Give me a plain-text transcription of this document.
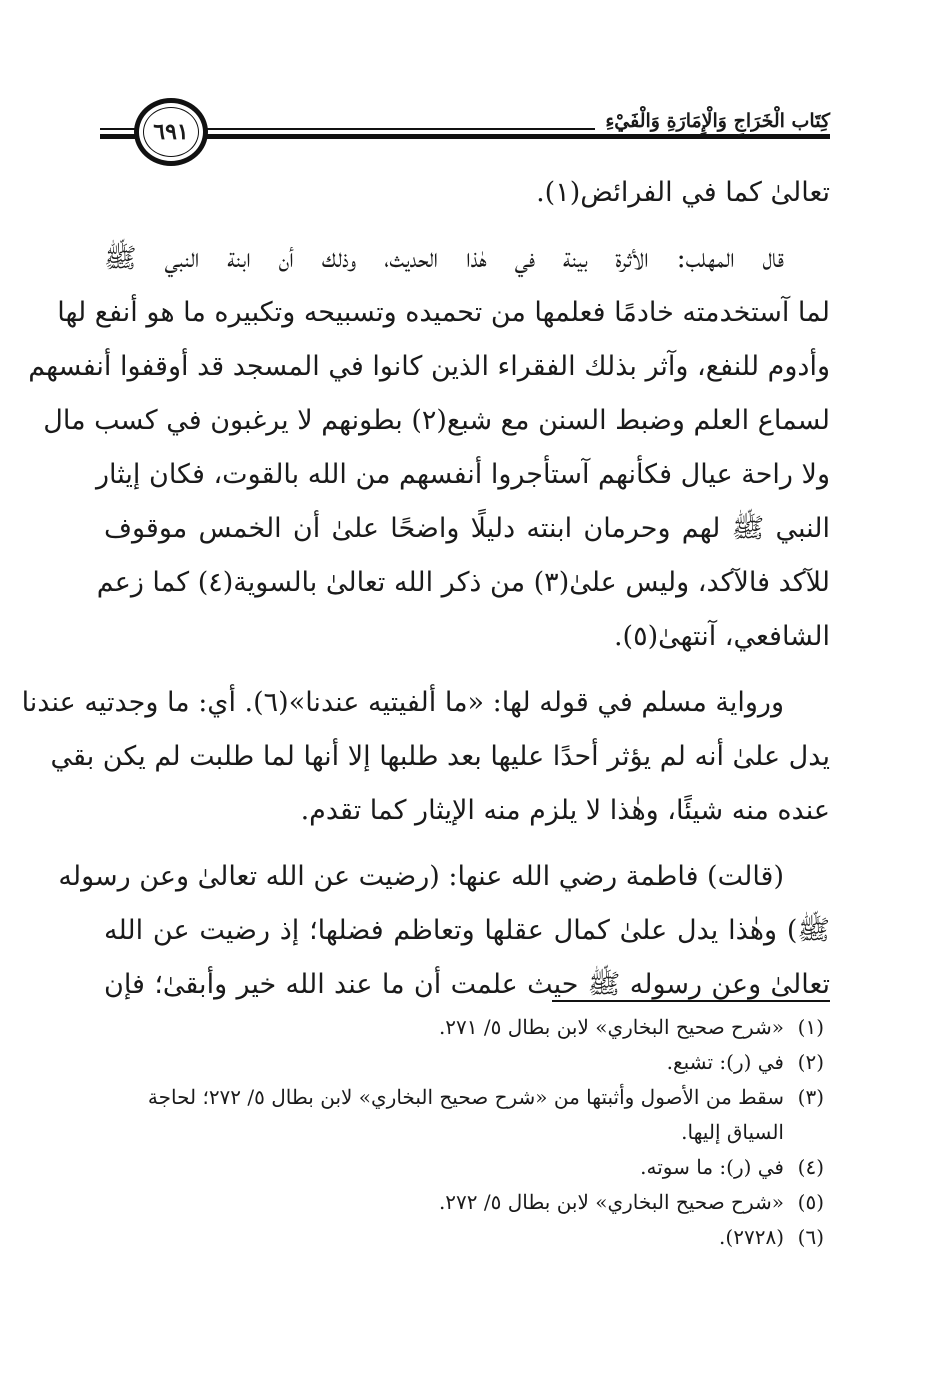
كِتَاب الْخَرَاجِ وَالْإِمَارَةِ وَالْفَيْءِ
٦٩١

تعالىٰ كما في الفرائض(١).

قال المهلب: الأثرة بينة في هٰذا الحديث، وذلك أن ابنة النبي ﷺ
لما آستخدمته خادمًا فعلمها من تحميده وتسبيحه وتكبيره ما هو أنفع لها
وأدوم للنفع، وآثر بذلك الفقراء الذين كانوا في المسجد قد أوقفوا أنفسهم
لسماع العلم وضبط السنن مع شبع(٢) بطونهم لا يرغبون في كسب مال
ولا راحة عيال فكأنهم آستأجروا أنفسهم من الله بالقوت، فكان إيثار
النبي ﷺ لهم وحرمان ابنته دليلًا واضحًا علىٰ أن الخمس موقوف
للآكد فالآكد، وليس علىٰ(٣) من ذكر الله تعالىٰ بالسوية(٤) كما زعم
الشافعي، آنتهىٰ(٥).

ورواية مسلم في قوله لها: «ما ألفيتيه عندنا»(٦). أي: ما وجدتيه عندنا
يدل علىٰ أنه لم يؤثر أحدًا عليها بعد طلبها إلا أنها لما طلبت لم يكن بقي
عنده منه شيئًا، وهٰذا لا يلزم منه الإيثار كما تقدم.

(قالت) فاطمة رضي الله عنها: (رضيت عن الله تعالىٰ وعن رسوله
ﷺ) وهٰذا يدل علىٰ كمال عقلها وتعاظم فضلها؛ إذ رضيت عن الله
تعالىٰ وعن رسوله ﷺ حيث علمت أن ما عند الله خير وأبقىٰ؛ فإن

(١)
«شرح صحيح البخاري» لابن بطال ٥/ ٢٧١.
(٢)
في (ر): تشبع.
(٣)
سقط من الأصول وأثبتها من «شرح صحيح البخاري» لابن بطال ٥/ ٢٧٢؛ لحاجة السياق إليها.
(٤)
في (ر): ما سوته.
(٥)
«شرح صحيح البخاري» لابن بطال ٥/ ٢٧٢.
(٦)
(٢٧٢٨).
